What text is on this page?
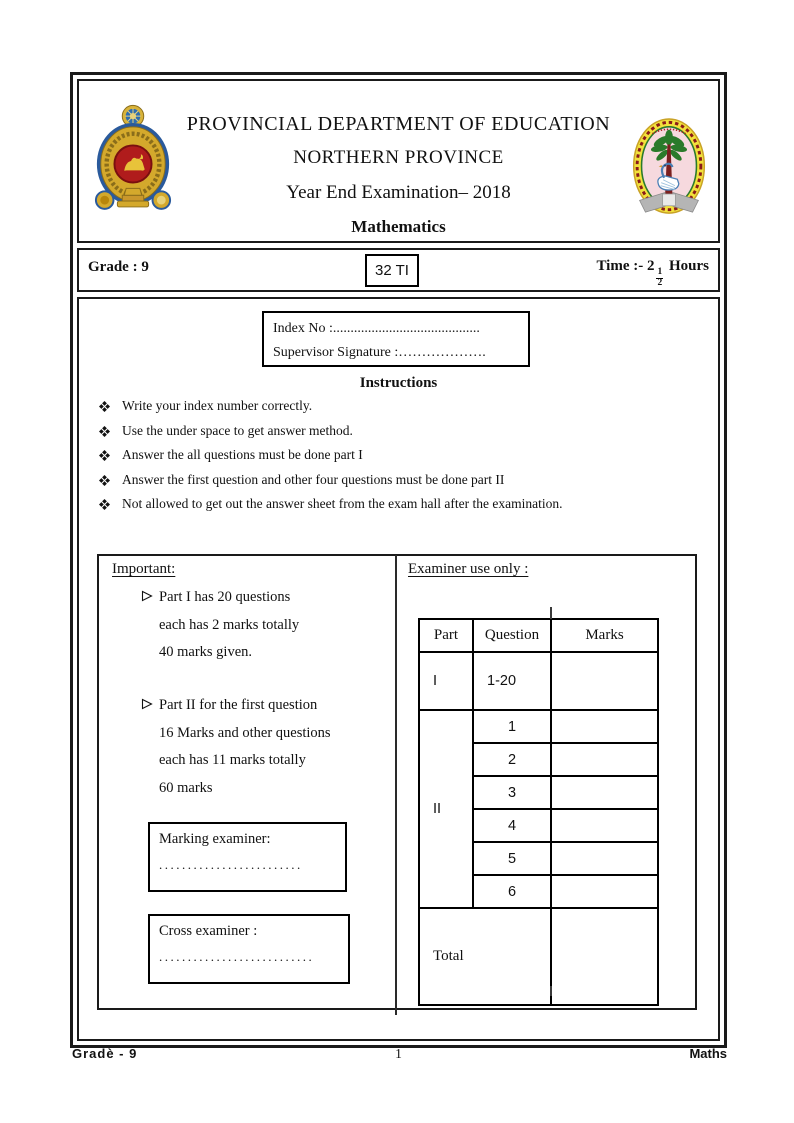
PROVINCIAL DEPARTMENT OF EDUCATION
NORTHERN PROVINCE
Year End Examination– 2018
Mathematics
Grade : 9	32 TI	Time :- 2
$\frac{1}{2}$
Hours
Index No :..........................................
Supervisor Signature :……………….
Instructions
Write your index number correctly.
Use the under space to get answer method.
Answer the all questions must be done part I
Answer the first question and other four questions must be done part II
Not allowed to get out the answer sheet from the exam hall after the examination.
Important:
Part I has 20 questions
each has 2 marks totally
40 marks given.
Part II for the first question
16 Marks and other questions
each has 11 marks totally
60 marks
Marking examiner:
.........................
Cross examiner :
...........................
Examiner use only :
Part	Question	Marks
I	1-20	
II	1	
	2	
	3	
	4	
	5	
	6	
Total		
Gradè - 9	1	Maths
